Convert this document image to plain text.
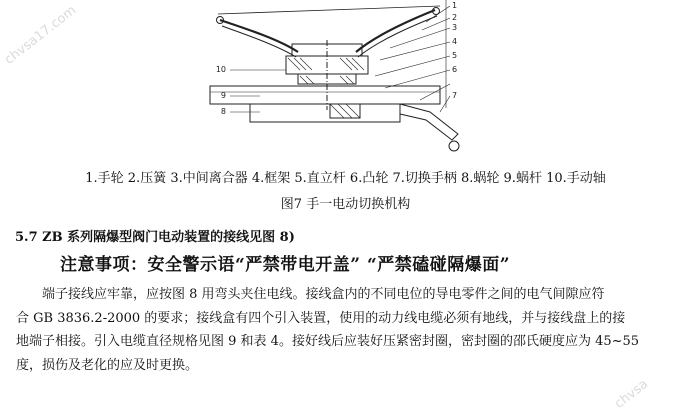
1
2
3
4
5
6
7
8
9
10
chvsa17.com
chvsa
1.手轮 2.压簧 3.中间离合器 4.框架 5.直立杆 6.凸轮 7.切换手柄 8.蜗轮 9.蜗杆 10.手动轴
图7 手一电动切换机构
5.7 ZB 系列隔爆型阀门电动装置的接线见图 8)
注意事项：安全警示语“严禁带电开盖” “严禁磕碰隔爆面”
端子接线应牢靠，应按图 8 用弯头夹住电线。接线盒内的不同电位的导电零件之间的电气间隙应符
合 GB 3836.2-2000 的要求；接线盒有四个引入装置，使用的动力线电缆必须有地线，并与接线盘上的接
地端子相接。引入电缆直径规格见图 9 和表 4。接好线后应装好压紧密封圈，密封圈的邵氏硬度应为 45~55
度，损伤及老化的应及时更换。
